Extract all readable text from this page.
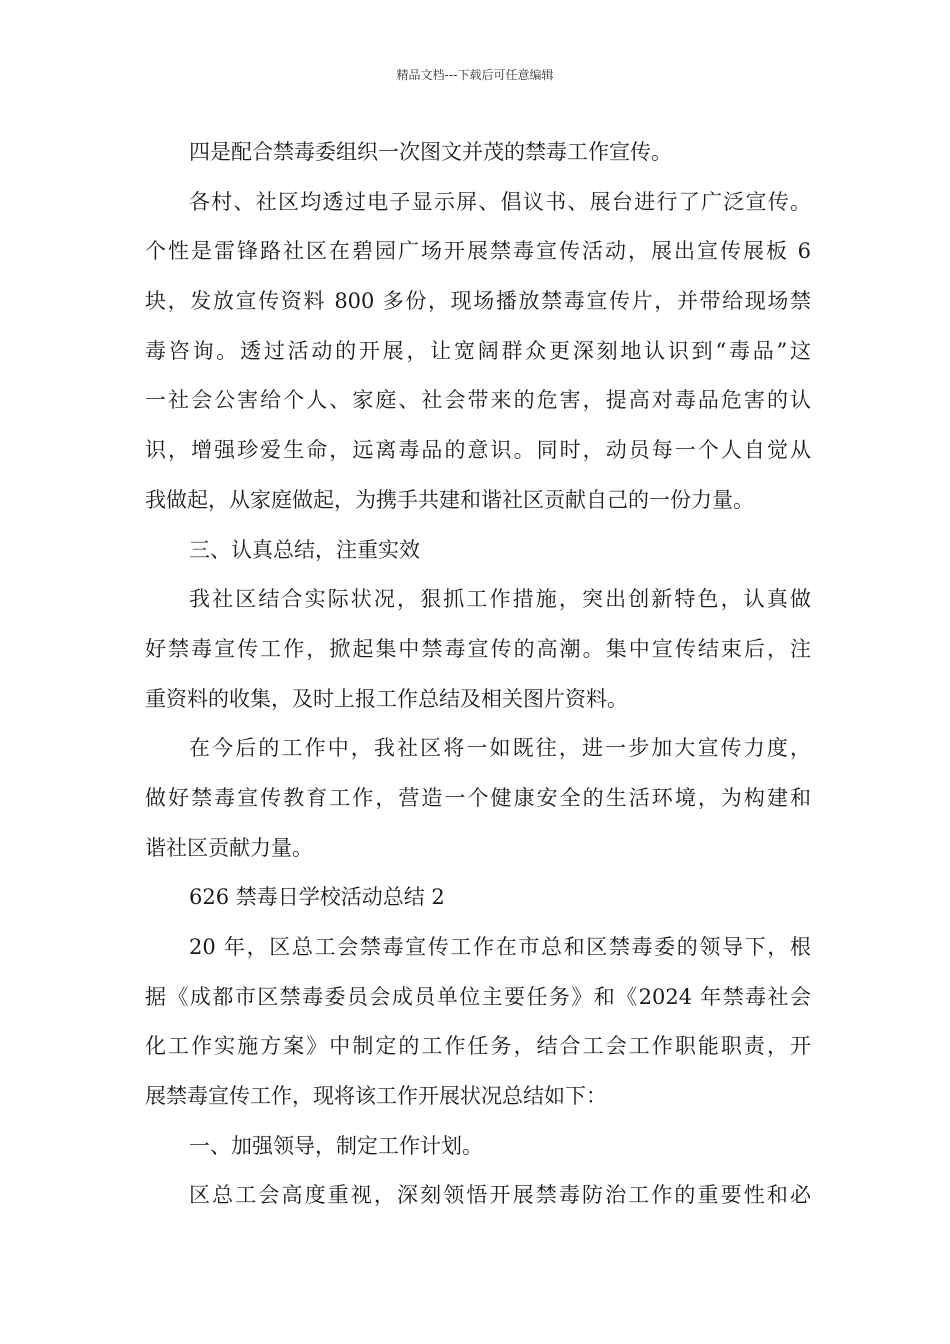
精品文档---下载后可任意编辑
四是配合禁毒委组织一次图文并茂的禁毒工作宣传。
各村、社区均透过电子显示屏、倡议书、展台进行了广泛宣传。
个性是雷锋路社区在碧园广场开展禁毒宣传活动，展出宣传展板 6
块，发放宣传资料 800 多份，现场播放禁毒宣传片，并带给现场禁
毒咨询。透过活动的开展，让宽阔群众更深刻地认识到“毒品”这
一社会公害给个人、家庭、社会带来的危害，提高对毒品危害的认
识，增强珍爱生命，远离毒品的意识。同时，动员每一个人自觉从
我做起，从家庭做起，为携手共建和谐社区贡献自己的一份力量。
三、认真总结，注重实效
我社区结合实际状况，狠抓工作措施，突出创新特色，认真做
好禁毒宣传工作，掀起集中禁毒宣传的高潮。集中宣传结束后，注
重资料的收集，及时上报工作总结及相关图片资料。
在今后的工作中，我社区将一如既往，进一步加大宣传力度，
做好禁毒宣传教育工作，营造一个健康安全的生活环境，为构建和
谐社区贡献力量。
626 禁毒日学校活动总结 2
20 年，区总工会禁毒宣传工作在市总和区禁毒委的领导下，根
据《成都市区禁毒委员会成员单位主要任务》和《2024 年禁毒社会
化工作实施方案》中制定的工作任务，结合工会工作职能职责，开
展禁毒宣传工作，现将该工作开展状况总结如下：
一、加强领导，制定工作计划。
区总工会高度重视，深刻领悟开展禁毒防治工作的重要性和必
